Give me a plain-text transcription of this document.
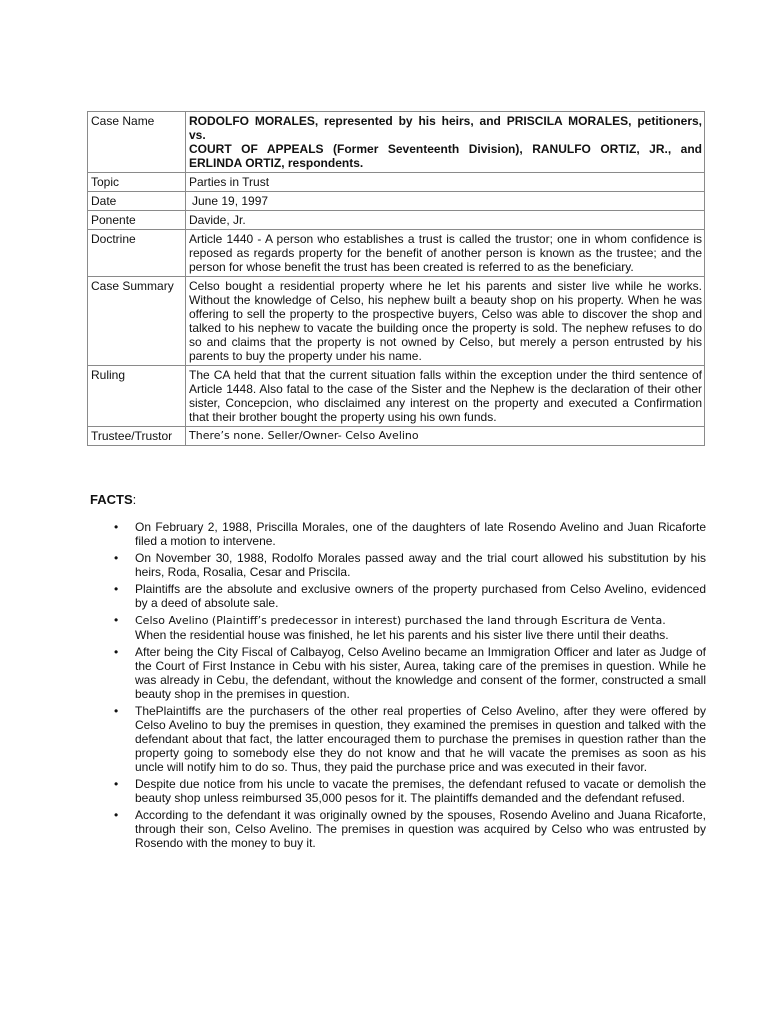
Case Name	RODOLFO MORALES, represented by his heirs, and PRISCILA MORALES, petitioners,
vs.
COURT OF APPEALS (Former Seventeenth Division), RANULFO ORTIZ, JR., and
ERLINDA ORTIZ, respondents.

Topic	Parties in Trust
Date	June 19, 1997
Ponente	Davide, Jr.
Doctrine	Article 1440 - A person who establishes a trust is called the trustor; one in whom confidence is reposed as regards property for the benefit of another person is known as the trustee; and the person for whose benefit the trust has been created is referred to as the beneficiary.
Case Summary	Celso bought a residential property where he let his parents and sister live while he works. Without the knowledge of Celso, his nephew built a beauty shop on his property. When he was offering to sell the property to the prospective buyers, Celso was able to discover the shop and talked to his nephew to vacate the building once the property is sold. The nephew refuses to do so and claims that the property is not owned by Celso, but merely a person entrusted by his parents to buy the property under his name.
Ruling	The CA held that that the current situation falls within the exception under the third sentence of Article 1448. Also fatal to the case of the Sister and the Nephew is the declaration of their other sister, Concepcion, who disclaimed any interest on the property and executed a Confirmation that their brother bought the property using his own funds.
Trustee/Trustor	There’s none. Seller/Owner- Celso Avelino
FACTS:
• On February 2, 1988, Priscilla Morales, one of the daughters of late Rosendo Avelino and Juan Ricaforte filed a motion to intervene.
• On November 30, 1988, Rodolfo Morales passed away and the trial court allowed his substitution by his heirs, Roda, Rosalia, Cesar and Priscila.
• Plaintiffs are the absolute and exclusive owners of the property purchased from Celso Avelino, evidenced by a deed of absolute sale.
• Celso Avelino (Plaintiff’s predecessor in interest) purchased the land through Escritura de Venta.
When the residential house was finished, he let his parents and his sister live there until their deaths.
• After being the City Fiscal of Calbayog, Celso Avelino became an Immigration Officer and later as Judge of the Court of First Instance in Cebu with his sister, Aurea, taking care of the premises in question. While he was already in Cebu, the defendant, without the knowledge and consent of the former, constructed a small beauty shop in the premises in question.
• ThePlaintiffs are the purchasers of the other real properties of Celso Avelino, after they were offered by Celso Avelino to buy the premises in question, they examined the premises in question and talked with the defendant about that fact, the latter encouraged them to purchase the premises in question rather than the property going to somebody else they do not know and that he will vacate the premises as soon as his uncle will notify him to do so. Thus, they paid the purchase price and was executed in their favor.
• Despite due notice from his uncle to vacate the premises, the defendant refused to vacate or demolish the beauty shop unless reimbursed 35,000 pesos for it. The plaintiffs demanded and the defendant refused.
• According to the defendant it was originally owned by the spouses, Rosendo Avelino and Juana Ricaforte, through their son, Celso Avelino. The premises in question was acquired by Celso who was entrusted by Rosendo with the money to buy it.
